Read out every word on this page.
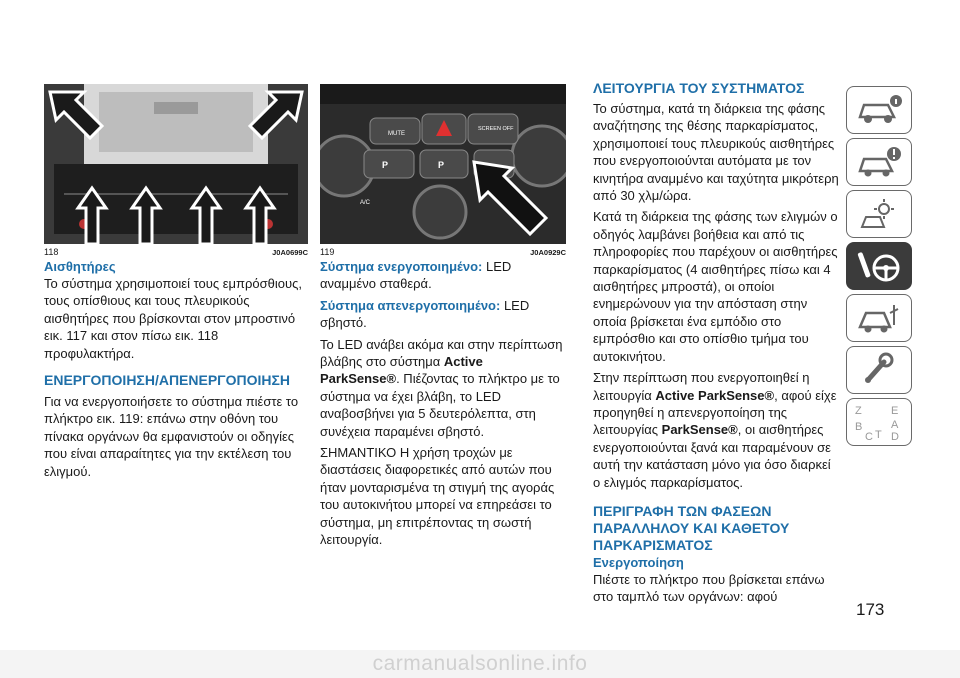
118	J0A0699C
Αισθητήρες

Το σύστημα χρησιμοποιεί τους εμπρόσθιους, τους οπίσθιους και τους πλευρικούς αισθητήρες που βρίσκονται στον μπροστινό εικ. 117 και στον πίσω εικ. 118 προφυλακτήρα.

ΕΝΕΡΓΟΠΟΙΗΣΗ/ΑΠΕΝΕΡΓΟΠΟΙΗΣΗ

Για να ενεργοποιήσετε το σύστημα πιέστε το πλήκτρο εικ. 119: επάνω στην οθόνη του πίνακα οργάνων θα εμφανιστούν οι οδηγίες που είναι απαραίτητες για την εκτέλεση του ελιγμού.

MUTE
SCREEN OFF
P	P
A/C
119	J0A0929C

Σύστημα ενεργοποιημένο: LED αναμμένο σταθερά.

Σύστημα απενεργοποιημένο: LED σβηστό.

Το LED ανάβει ακόμα και στην περίπτωση βλάβης στο σύστημα Active ParkSense®. Πιέζοντας το πλήκτρο με το σύστημα να έχει βλάβη, το LED αναβοσβήνει για 5 δευτερόλεπτα, στη συνέχεια παραμένει σβηστό.

ΣΗΜΑΝΤΙΚΟ Η χρήση τροχών με διαστάσεις διαφορετικές από αυτών που ήταν μονταρισμένα τη στιγμή της αγοράς του αυτοκινήτου μπορεί να επηρεάσει το σύστημα, μη επιτρέποντας τη σωστή λειτουργία.

ΛΕΙΤΟΥΡΓΙΑ ΤΟΥ ΣΥΣΤΗΜΑΤΟΣ

Το σύστημα, κατά τη διάρκεια της φάσης αναζήτησης της θέσης παρκαρίσματος, χρησιμοποιεί τους πλευρικούς αισθητήρες που ενεργοποιούνται αυτόματα με τον κινητήρα αναμμένο και ταχύτητα μικρότερη από 30 χλμ/ώρα.

Κατά τη διάρκεια της φάσης των ελιγμών ο οδηγός λαμβάνει βοήθεια και από τις πληροφορίες που παρέχουν οι αισθητήρες παρκαρίσματος (4 αισθητήρες πίσω και 4 αισθητήρες μπροστά), οι οποίοι ενημερώνουν για την απόσταση στην οποία βρίσκεται ένα εμπόδιο στο εμπρόσθιο και στο οπίσθιο τμήμα του αυτοκινήτου.

Στην περίπτωση που ενεργοποιηθεί η λειτουργία Active ParkSense®, αφού είχε προηγηθεί η απενεργοποίηση της λειτουργίας ParkSense®, οι αισθητήρες ενεργοποιούνται ξανά και παραμένουν σε αυτή την κατάσταση μόνο για όσο διαρκεί ο ελιγμός παρκαρίσματος.

ΠΕΡΙΓΡΑΦΗ ΤΩΝ ΦΑΣΕΩΝ ΠΑΡΑΛΛΗΛΟΥ ΚΑΙ ΚΑΘΕΤΟΥ ΠΑΡΚΑΡΙΣΜΑΤΟΣ
Ενεργοποίηση

Πιέστε το πλήκτρο που βρίσκεται επάνω στο ταμπλό των οργάνων: αφού

Z	E
B	A
C T D
173
carmanualsonline.info
